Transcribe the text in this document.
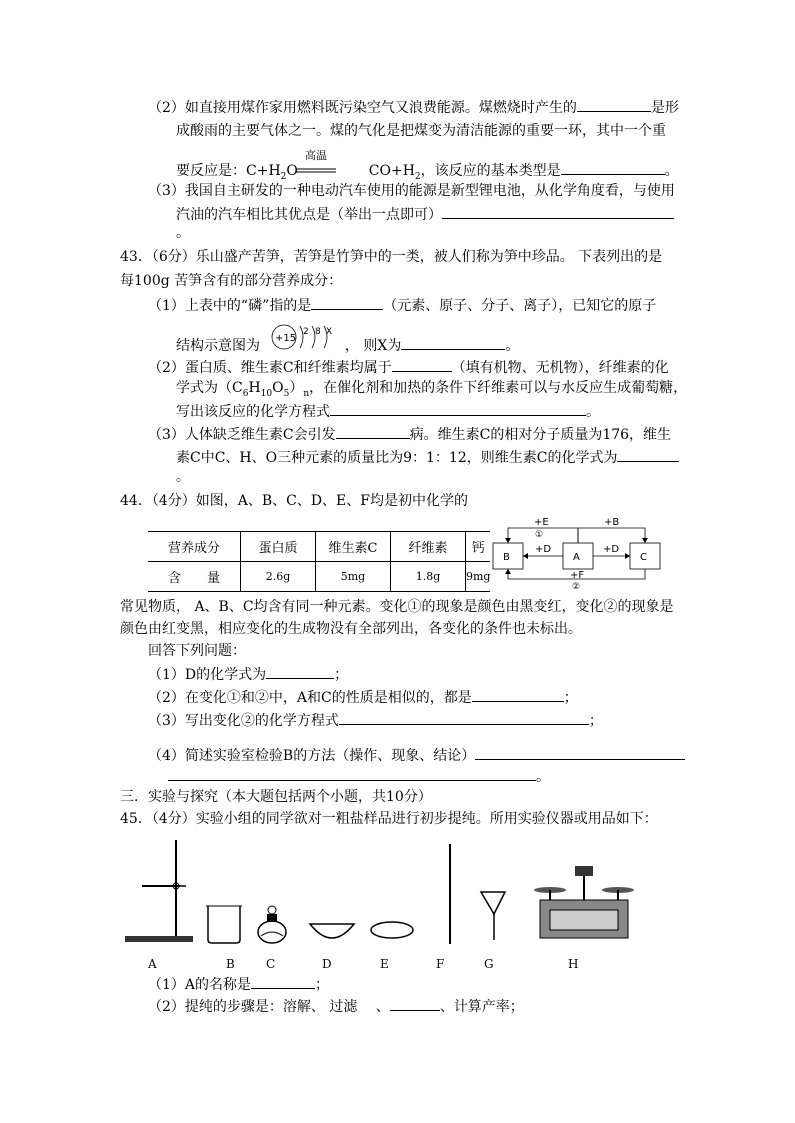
（2）如直接用煤作家用燃料既污染空气又浪费能源。煤燃烧时产生的	是形
成酸雨的主要气体之一。煤的气化是把煤变为清洁能源的重要一环，其中一个重
要反应是：$C+H_2O$	$CO+H_2$，该反应的基本类型是	。
高温
（3）我国自主研发的一种电动汽车使用的能源是新型锂电池，从化学角度看，与使用
汽油的汽车相比其优点是（举出一点即可）
。
43．（6分）乐山盛产苦笋，苦笋是竹笋中的一类，被人们称为笋中珍品。 下表列出的是
每100g 苦笋含有的部分营养成分：
（1）上表中的“磷”指的是	（元素、原子、分子、离子），已知它的原子
结构示意图为	， 则X为	。
+15
2 8 X
（2）蛋白质、维生素C和纤维素均属于	（填有机物、无机物），纤维素的化
学式为$(C_6H_{10}O_5)_n$，在催化剂和加热的条件下纤维素可以与水反应生成葡萄糖，
写出该反应的化学方程式	。
（3）人体缺乏维生素C会引发	病。维生素C的相对分子质量为176，维生
素C中C、H、O三种元素的质量比为9：1：12，则维生素C的化学式为
。
44．（4分）如图，A、B、C、D、E、F均是初中化学的
营养成分	蛋白质	维生素C	纤维素	钙
含　　量	2.6g	5mg	1.8g	9mg
B	A	C
+E
①
+D
+B
+D
+F
②
常见物质， A、B、C均含有同一种元素。变化①的现象是颜色由黑变红，变化②的现象是
颜色由红变黑，相应变化的生成物没有全部列出，各变化的条件也未标出。
回答下列问题：
（1）D的化学式为	；
（2）在变化①和②中，A和C的性质是相似的，都是	；
（3）写出变化②的化学方程式	；
（4）简述实验室检验B的方法（操作、现象、结论）
。
三．实验与探究（本大题包括两个小题，共10分）
45．（4分）实验小组的同学欲对一粗盐样品进行初步提纯。所用实验仪器或用品如下：
A	B	C	D	E	F	G	H
（1）A的名称是	；
（2）提纯的步骤是：溶解、 过滤　 、	、计算产率；
